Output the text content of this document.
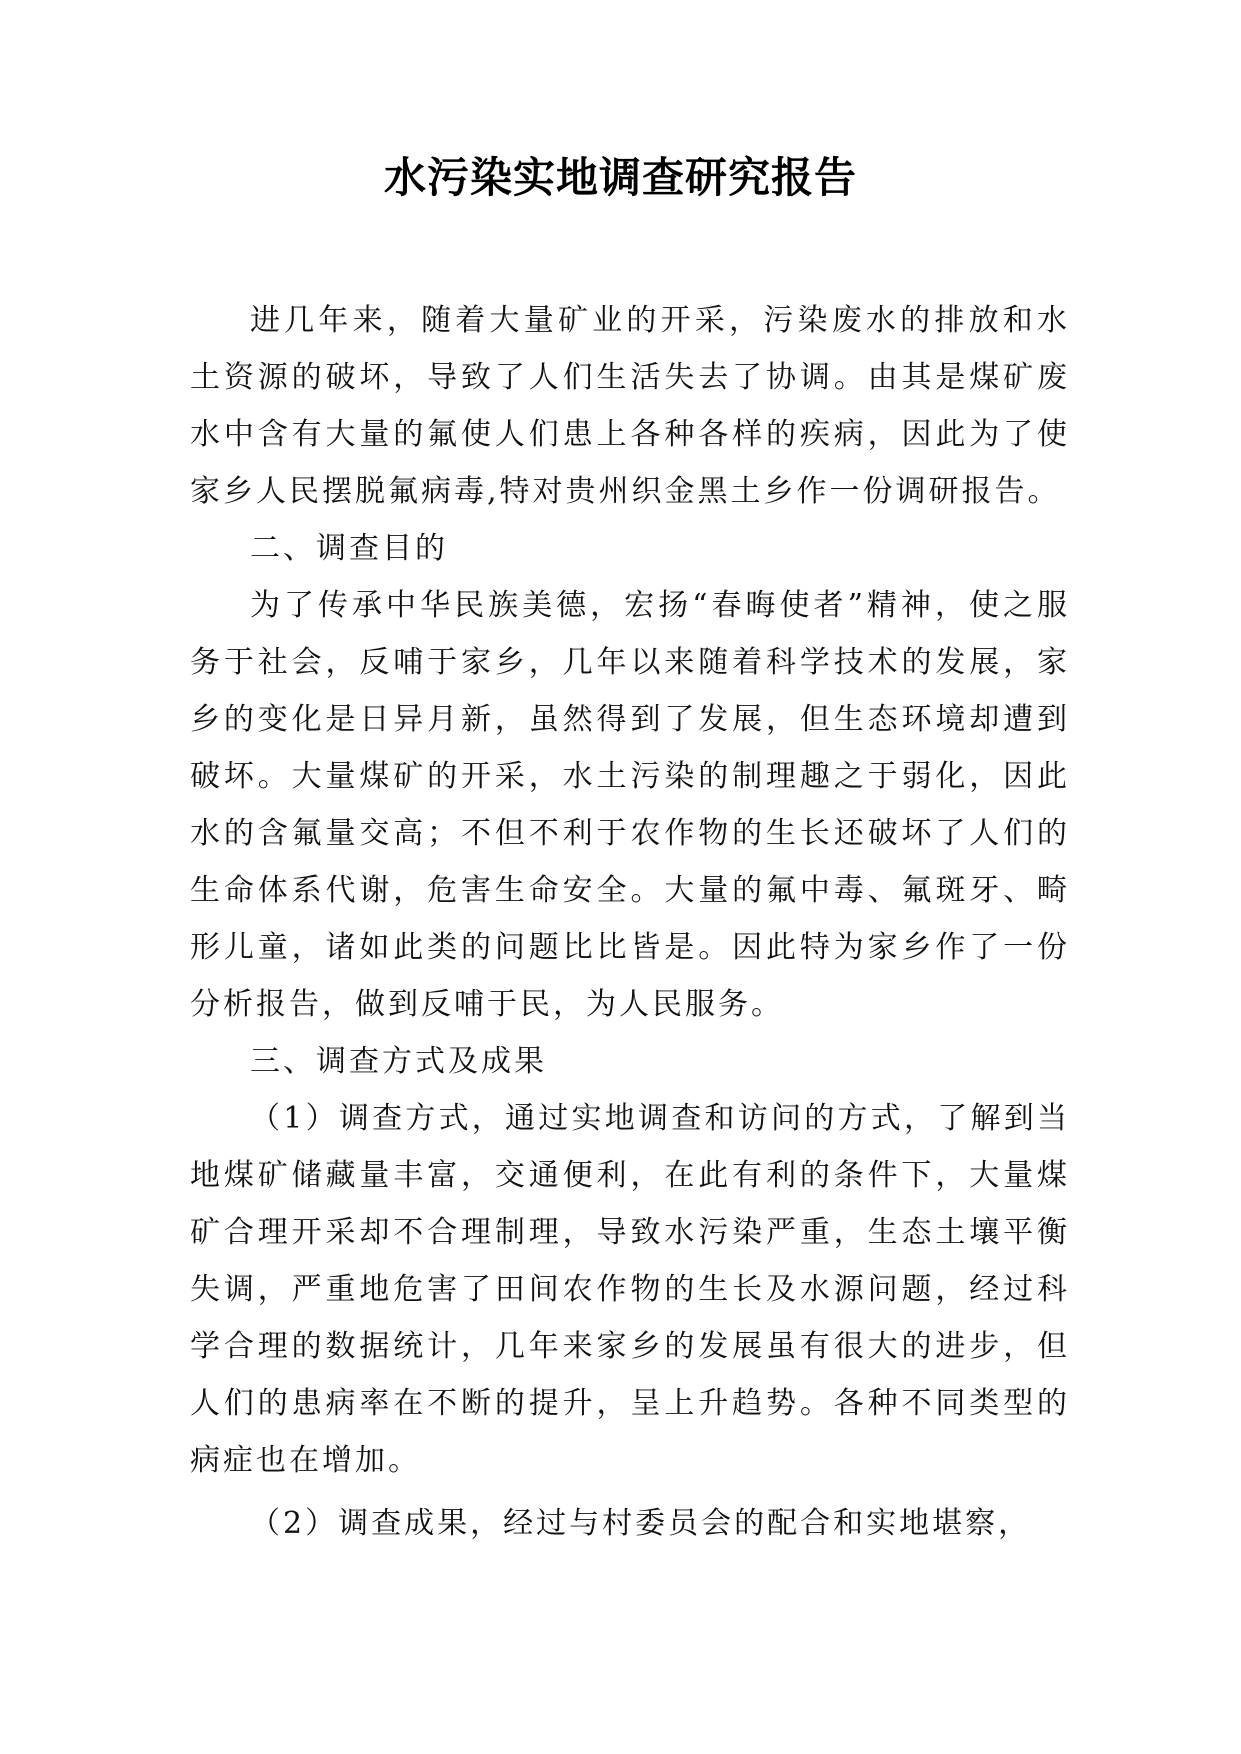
水污染实地调查研究报告

进几年来，随着大量矿业的开采，污染废水的排放和水土资源的破坏，导致了人们生活失去了协调。由其是煤矿废水中含有大量的氟使人们患上各种各样的疾病，因此为了使家乡人民摆脱氟病毒,特对贵州织金黑土乡作一份调研报告。

二、调查目的

为了传承中华民族美德，宏扬“春晦使者”精神，使之服务于社会，反哺于家乡，几年以来随着科学技术的发展，家乡的变化是日异月新，虽然得到了发展，但生态环境却遭到破坏。大量煤矿的开采，水土污染的制理趣之于弱化，因此水的含氟量交高；不但不利于农作物的生长还破坏了人们的生命体系代谢，危害生命安全。大量的氟中毒、氟斑牙、畸形儿童，诸如此类的问题比比皆是。因此特为家乡作了一份分析报告，做到反哺于民，为人民服务。

三、调查方式及成果

（1）调查方式，通过实地调查和访问的方式，了解到当地煤矿储藏量丰富，交通便利，在此有利的条件下，大量煤矿合理开采却不合理制理，导致水污染严重，生态土壤平衡失调，严重地危害了田间农作物的生长及水源问题，经过科学合理的数据统计，几年来家乡的发展虽有很大的进步，但人们的患病率在不断的提升，呈上升趋势。各种不同类型的病症也在增加。

（2）调查成果，经过与村委员会的配合和实地堪察，
